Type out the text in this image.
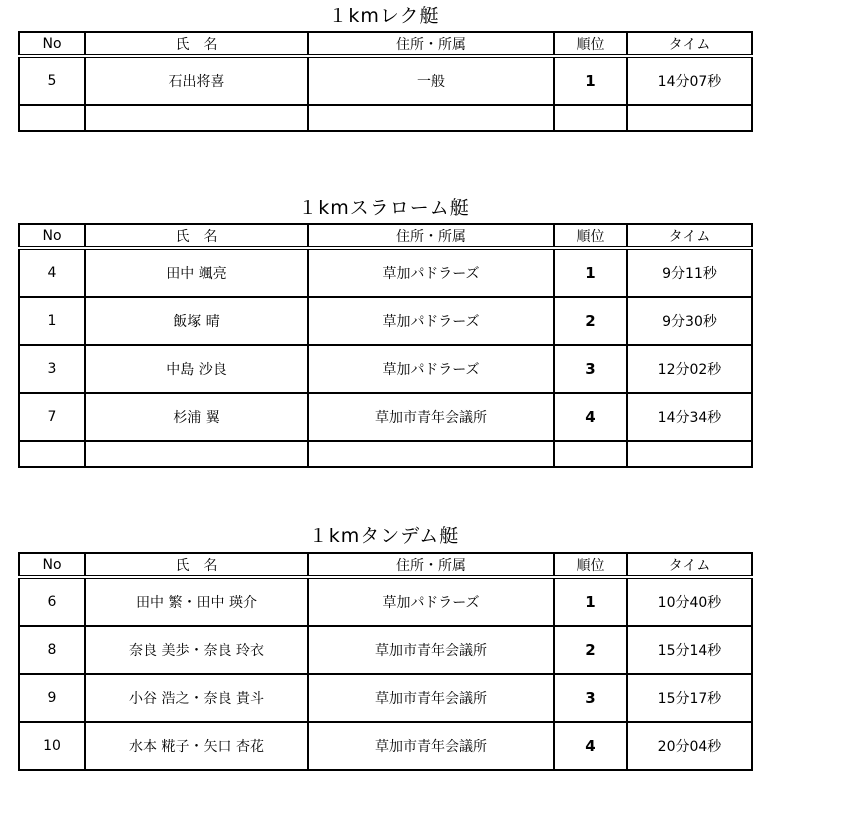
１kmレク艇
No	氏　名	住所・所属	順位	タイム
5	石出将喜	一般	1	14分07秒

１kmスラローム艇
No	氏　名	住所・所属	順位	タイム
4	田中 颯亮	草加パドラーズ	1	9分11秒
1	飯塚 晴	草加パドラーズ	2	9分30秒
3	中島 沙良	草加パドラーズ	3	12分02秒
7	杉浦 翼	草加市青年会議所	4	14分34秒

１kmタンデム艇
No	氏　名	住所・所属	順位	タイム
6	田中 繁・田中 瑛介	草加パドラーズ	1	10分40秒
8	奈良 美歩・奈良 玲衣	草加市青年会議所	2	15分14秒
9	小谷 浩之・奈良 貴斗	草加市青年会議所	3	15分17秒
10	水本 糀子・矢口 杏花	草加市青年会議所	4	20分04秒
